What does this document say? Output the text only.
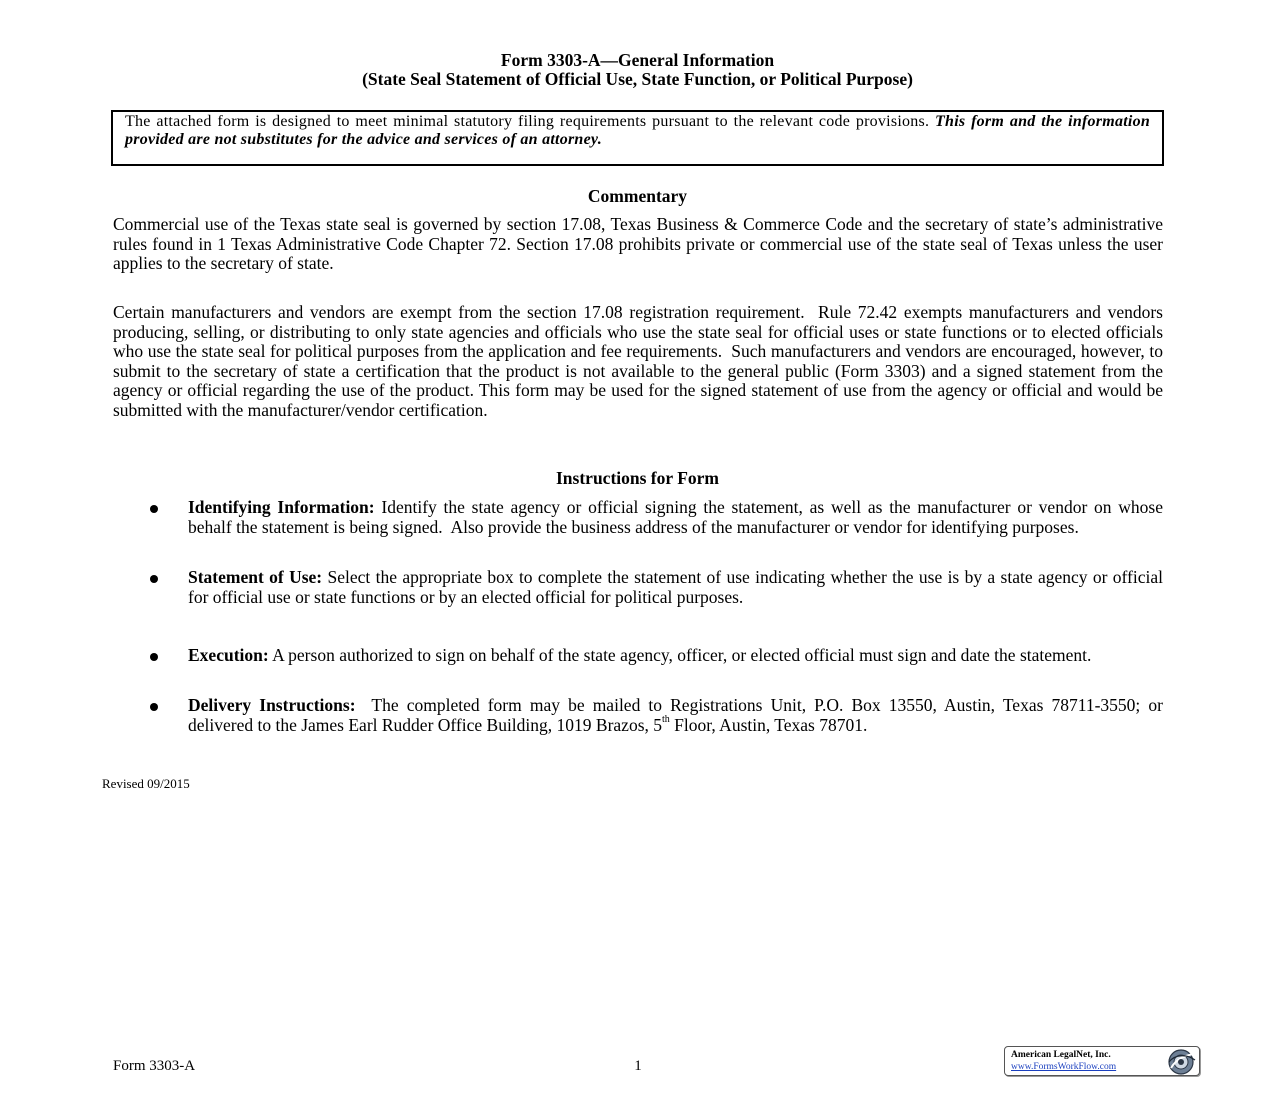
Form 3303-A—General Information
(State Seal Statement of Official Use, State Function, or Political Purpose)
The attached form is designed to meet minimal statutory filing requirements pursuant to the relevant code provisions. This form and the information provided are not substitutes for the advice and services of an attorney.
Commentary
Commercial use of the Texas state seal is governed by section 17.08, Texas Business & Commerce Code and the secretary of state’s administrative rules found in 1 Texas Administrative Code Chapter 72. Section 17.08 prohibits private or commercial use of the state seal of Texas unless the user applies to the secretary of state.
Certain manufacturers and vendors are exempt from the section 17.08 registration requirement.  Rule 72.42 exempts manufacturers and vendors producing, selling, or distributing to only state agencies and officials who use the state seal for official uses or state functions or to elected officials who use the state seal for political purposes from the application and fee requirements.  Such manufacturers and vendors are encouraged, however, to submit to the secretary of state a certification that the product is not available to the general public (Form 3303) and a signed statement from the agency or official regarding the use of the product. This form may be used for the signed statement of use from the agency or official and would be submitted with the manufacturer/vendor certification.
Instructions for Form
Identifying Information: Identify the state agency or official signing the statement, as well as the manufacturer or vendor on whose behalf the statement is being signed.  Also provide the business address of the manufacturer or vendor for identifying purposes.
Statement of Use: Select the appropriate box to complete the statement of use indicating whether the use is by a state agency or official for official use or state functions or by an elected official for political purposes.
Execution: A person authorized to sign on behalf of the state agency, officer, or elected official must sign and date the statement.
Delivery Instructions:  The completed form may be mailed to Registrations Unit, P.O. Box 13550, Austin, Texas 78711-3550; or delivered to the James Earl Rudder Office Building, 1019 Brazos, 5th Floor, Austin, Texas 78701.
Revised 09/2015
Form 3303-A	1
American LegalNet, Inc.
www.FormsWorkFlow.com
